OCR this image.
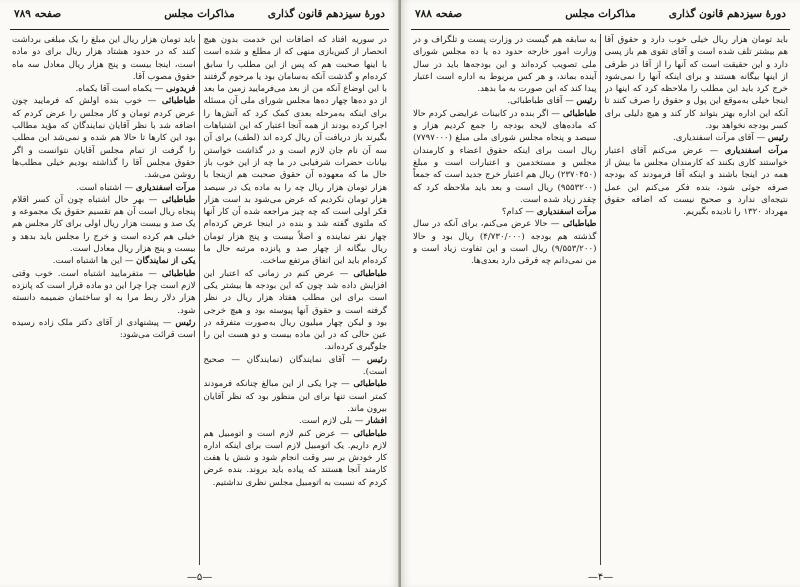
دورهٔ سیزدهم قانون گذاری
مذاکرات مجلس
صفحه ۷۸۹

در سوریه افتاد که اضافات این خدمت بدون هیچ انحصار از کس‌بازی منهی که از مطلع و شده است با اینها صحبت هم که پس از این مطلب را سابق کرده‌ام و گذشت آنکه به‌سامان بود یا مرحوم گرفتند با این اوضاع آنکه من از بعد می‌فرمایید زمین ما بعد از دو ده‌ها چهار ده‌ها مجلس شورای ملی آن مسئله برای اینکه به‌مرحله بعدی کمک کرد که آتش‌ها را اجرا کرده بودند از همه آنجا اعتبار که این اشتباهات بگیرند باز دریافت آن ریال کرده اند (لطف) برای آن سه آن نام جان لازم است و در گذاشت خواستن بیانات حضرات شرفیابی در ما چه از این خوب باز حال ما که معهوده آن حقوق صحبت هم ازینجا با هزار تومان هزار ریال چه را به ماده یک در سیصد هزار تومان نکردیم که عرض می‌شود بد است هزار فکر اولی است که چه چیز مراجعه شده آن کار آنها که ملتوی گفته شد و بنده در اینجا عرض کرده‌ام چهار نفر نماینده و اصلاً بیست و پنج هزار تومان ریال بیگانه از چهار صد و پانزده مرتبه حال ما کرده‌ام باید این اتفاق مرتفع ساخت.

طباطبائی — عرض کنم در زمانی که اعتبار این افزایش داده شد چون که این بودجه ها بیشتر یکی است برای این مطلب هفتاد هزار ریال در نظر گرفته است و حقوق آنها پیوسته بود و هیچ خرجی بود و لیکن چهار میلیون ریال به‌صورت متفرقه در عین حالی که در این ماده بیست و دو هست این را جلوگیری کرده‌اند.

رئیس — آقای نمایندگان (نمایندگان — صحیح است).

طباطبائی — چرا یکی از این مبالغ چنانکه فرمودند کمتر است تنها برای این منظور بود که نظر آقایان بیرون ماند.

افشار — بلی لازم است.

طباطبائی — عرض کنم لازم است و اتومبیل هم لازم داریم. یک اتومبیل لازم است برای اینکه اداره کار خودش بر سر وقت انجام شود و شش یا هفت کارمند آنجا هستند که پیاده باید بروند. بنده عرض کردم که نسبت به اتومبیل مجلس نظری نداشتیم.

باید تومان هزار ریال این مبلغ را یک مبلغی برداشت کنند که در حدود هشتاد هزار ریال برای دو ماده است، اینجا بیست و پنج هزار ریال معادل سه ماه حقوق مصوب آقا.

فریدونی — یکماه است آقا یکماه.

طباطبائی — خوب بنده اولش که فرمایید چون عرض کردم تومان و کار مجلس را عرض کردم که اضافه شد با نظر آقایان نمایندگان که مؤید مطالب بود این کارها تا حالا هم شده و نمی‌شد این مطلب را گرفت از تمام مجلس آقایان نتوانست و اگر حقوق مجلس آقا را گذاشته بودیم خیلی مطلب‌ها روشن می‌شد.

مرآت اسفندیاری — اشتباه است.

طباطبائی — بهر حال اشتباه چون آن کسر اقلام پنجاه ریال است آن هم تقسیم حقوق یک مجموعه و یک صد و بیست هزار ریال اولی برای کار مجلس هم خیلی هم کرده است و خرج را مجلس باید بدهد و بیست و پنج هزار ریال معادل است.

یکی از نمایندگان — این ها اشتباه است.

طباطبائی — متفرمایید اشتباه است. خوب وقتی لازم است چرا چرا این دو ماده قرار است که پانزده هزار دلار ربط مرا به او ساختمان ضمیمه دانسته شود.

رئیس — پیشنهادی از آقای دکتر ملک زاده رسیده است قرائت می‌شود:

—۵—
دورهٔ سیزدهم قانون گذاری
مذاکرات مجلس
صفحه ۷۸۸

باید تومان هزار ریال خیلی خوب دارد و حقوق آقا هم بیشتر تلف شده است و آقای تقوی هم باز پسی دارد و این حقیقت است که آنها را از آقا در طرفی از اینها بیگانه هستند و برای اینکه آنها را نمی‌شود خرج کرد باید این مطلب را ملاحظه کرد که اینها در اینجا خیلی به‌موقع این پول و حقوق را صرف کنند تا آنکه این اداره بهتر بتواند کار کند و هیچ دلیلی برای کسر بودجه نخواهد بود.

رئیس — آقای مرآت اسفندیاری.

مرآت اسفندیاری — عرض می‌کنم آقای اعتبار خواستند کاری بکنند که کارمندان مجلس ما بیش از همه در اینجا باشند و اینکه آقا فرمودند که بودجه صرفه جوئی شود، بنده فکر می‌کنم این عمل نتیجه‌ای ندارد و صحیح نیست که اضافه حقوق مهرداد ۱۳۲۰ را نادیده بگیریم.

به سابقه هم گیست در وزارت پست و تلگراف و در وزارت امور خارجه حدود ده یا ده مجلس شورای ملی تصویب کرده‌اند و این بودجه‌ها باید در سال آینده بماند، و هر کس مربوط به اداره است اعتبار پیدا کند که این صورت به ما بدهد.

رئیس — آقای طباطبائی.

طباطبائی — اگر بنده در کابینات عرایضی کردم حالا که ماده‌های لایحه بودجه را جمع کردیم هزار و سیصد و پنجاه مجلس شورای ملی مبلغ (۷۷۹۷۰۰۰) ریال است برای اینکه حقوق اعضاء و کارمندان مجلس و مستخدمین و اعتبارات است و مبلغ (۲۳۷۰۴۵۰) ریال هم اعتبار خرج جدید است که جمعاً (۹۵۵۳۲۰۰) ریال است و بعد باید ملاحظه کرد که چقدر زیاد شده است.

مرآت اسفندیاری — کدام؟

طباطبائی — حالا عرض می‌کنم، برای آنکه در سال گذشته هم بودجه (۴/۷۳۰/۰۰۰) ریال بود و حالا (۹/۵۵۳/۲۰۰) ریال است و این تفاوت زیاد است و من نمی‌دانم چه فرقی دارد بعدی‌ها.

—۴—
